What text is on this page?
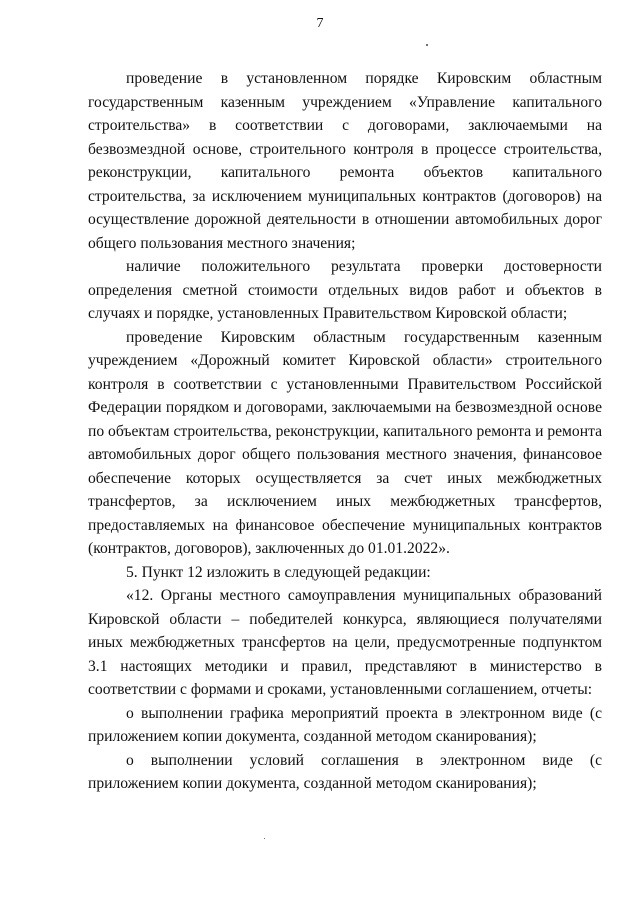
7

проведение в установленном порядке Кировским областным государственным казенным учреждением «Управление капитального строительства» в соответствии с договорами, заключаемыми на безвозмездной основе, строительного контроля в процессе строительства, реконструкции, капитального ремонта объектов капитального строительства, за исключением муниципальных контрактов (договоров) на осуществление дорожной деятельности в отношении автомобильных дорог общего пользования местного значения;

наличие положительного результата проверки достоверности определения сметной стоимости отдельных видов работ и объектов в случаях и порядке, установленных Правительством Кировской области;

проведение Кировским областным государственным казенным учреждением «Дорожный комитет Кировской области» строительного контроля в соответствии с установленными Правительством Российской Федерации порядком и договорами, заключаемыми на безвозмездной основе по объектам строительства, реконструкции, капитального ремонта и ремонта автомобильных дорог общего пользования местного значения, финансовое обеспечение которых осуществляется за счет иных межбюджетных трансфертов, за исключением иных межбюджетных трансфертов, предоставляемых на финансовое обеспечение муниципальных контрактов (контрактов, договоров), заключенных до 01.01.2022».

5. Пункт 12 изложить в следующей редакции:

«12. Органы местного самоуправления муниципальных образований Кировской области – победителей конкурса, являющиеся получателями иных межбюджетных трансфертов на цели, предусмотренные подпунктом 3.1 настоящих методики и правил, представляют в министерство в соответствии с формами и сроками, установленными соглашением, отчеты:

о выполнении графика мероприятий проекта в электронном виде (с приложением копии документа, созданной методом сканирования);

о выполнении условий соглашения в электронном виде (с приложением копии документа, созданной методом сканирования);
